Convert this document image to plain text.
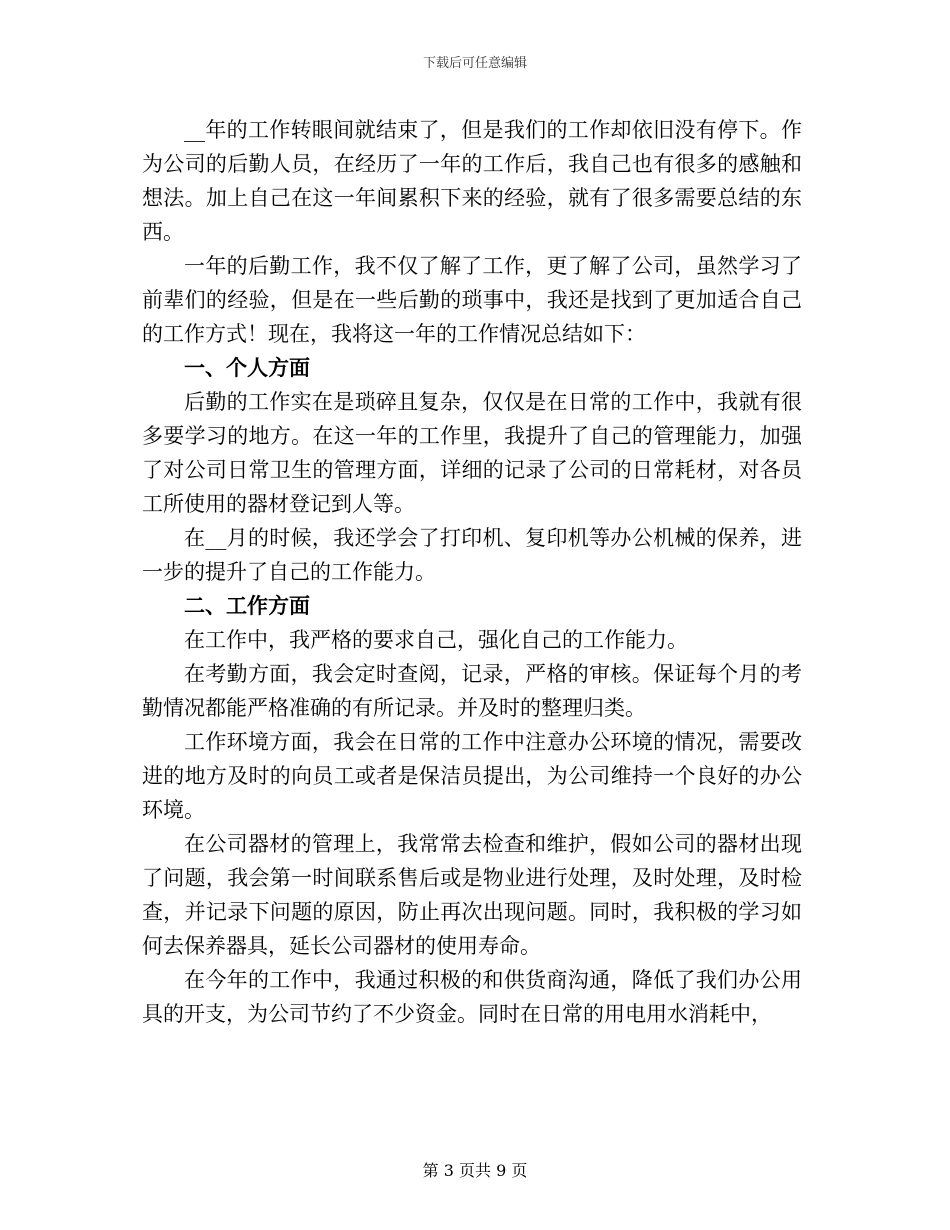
下载后可任意编辑

__年的工作转眼间就结束了，但是我们的工作却依旧没有停下。作为公司的后勤人员，在经历了一年的工作后，我自己也有很多的感触和想法。加上自己在这一年间累积下来的经验，就有了很多需要总结的东西。

一年的后勤工作，我不仅了解了工作，更了解了公司，虽然学习了前辈们的经验，但是在一些后勤的琐事中，我还是找到了更加适合自己的工作方式！现在，我将这一年的工作情况总结如下：

一、个人方面

后勤的工作实在是琐碎且复杂，仅仅是在日常的工作中，我就有很多要学习的地方。在这一年的工作里，我提升了自己的管理能力，加强了对公司日常卫生的管理方面，详细的记录了公司的日常耗材，对各员工所使用的器材登记到人等。

在__月的时候，我还学会了打印机、复印机等办公机械的保养，进一步的提升了自己的工作能力。

二、工作方面

在工作中，我严格的要求自己，强化自己的工作能力。

在考勤方面，我会定时查阅，记录，严格的审核。保证每个月的考勤情况都能严格准确的有所记录。并及时的整理归类。

工作环境方面，我会在日常的工作中注意办公环境的情况，需要改进的地方及时的向员工或者是保洁员提出，为公司维持一个良好的办公环境。

在公司器材的管理上，我常常去检查和维护，假如公司的器材出现了问题，我会第一时间联系售后或是物业进行处理，及时处理，及时检查，并记录下问题的原因，防止再次出现问题。同时，我积极的学习如何去保养器具，延长公司器材的使用寿命。

在今年的工作中，我通过积极的和供货商沟通，降低了我们办公用具的开支，为公司节约了不少资金。同时在日常的用电用水消耗中，

第 3 页共 9 页
